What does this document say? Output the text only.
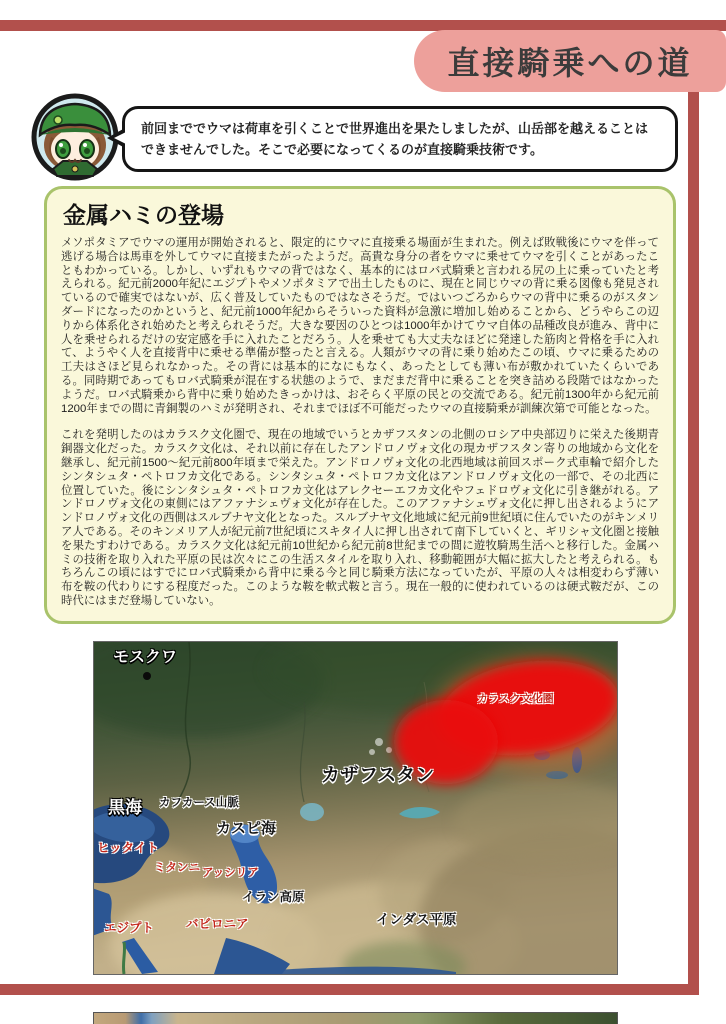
直接騎乗への道
前回まででウマは荷車を引くことで世界進出を果たしましたが、山岳部を越えることはできませんでした。そこで必要になってくるのが直接騎乗技術です。
金属ハミの登場

メソポタミアでウマの運用が開始されると、限定的にウマに直接乗る場面が生まれた。例えば敗戦後にウマを伴って逃げる場合は馬車を外してウマに直接またがったようだ。高貴な身分の者をウマに乗せてウマを引くことがあったこともわかっている。しかし、いずれもウマの背ではなく、基本的にはロバ式騎乗と言われる尻の上に乗っていたと考えられる。紀元前2000年紀にエジプトやメソポタミアで出土したものに、現在と同じウマの背に乗る図像も発見されているので確実ではないが、広く普及していたものではなさそうだ。ではいつごろからウマの背中に乗るのがスタンダードになったのかというと、紀元前1000年紀からそういった資料が急激に増加し始めることから、どうやらこの辺りから体系化され始めたと考えられそうだ。大きな要因のひとつは1000年かけてウマ自体の品種改良が進み、背中に人を乗せられるだけの安定感を手に入れたことだろう。人を乗せても大丈夫なほどに発達した筋肉と骨格を手に入れて、ようやく人を直接背中に乗せる準備が整ったと言える。人類がウマの背に乗り始めたこの頃、ウマに乗るための工夫はさほど見られなかった。その背には基本的になにもなく、あったとしても薄い布が敷かれていたくらいである。同時期であってもロバ式騎乗が混在する状態のようで、まだまだ背中に乗ることを突き詰める段階ではなかったようだ。ロバ式騎乗から背中に乗り始めたきっかけは、おそらく平原の民との交流である。紀元前1300年から紀元前1200年までの間に青銅製のハミが発明され、それまでほぼ不可能だったウマの直接騎乗が訓練次第で可能となった。

これを発明したのはカラスク文化圏で、現在の地域でいうとカザフスタンの北側のロシア中央部辺りに栄えた後期青銅器文化だった。カラスク文化は、それ以前に存在したアンドロノヴォ文化の現カザフスタン寄りの地域から文化を継承し、紀元前1500〜紀元前800年頃まで栄えた。アンドロノヴォ文化の北西地域は前回スポーク式車輪で紹介したシンタシュタ・ペトロフカ文化である。シンタシュタ・ペトロフカ文化はアンドロノヴォ文化の一部で、その北西に位置していた。後にシンタシュタ・ペトロフカ文化はアレクセーエフカ文化やフェドロヴォ文化に引き継がれる。アンドロノヴォ文化の東側にはアファナシェヴォ文化が存在した。このアファナシェヴォ文化に押し出されるようにアンドロノヴォ文化の西側はスルブナヤ文化となった。スルブナヤ文化地域に紀元前9世紀頃に住んでいたのがキンメリア人である。そのキンメリア人が紀元前7世紀頃にスキタイ人に押し出されて南下していくと、ギリシャ文化圏と接触を果たすわけである。カラスク文化は紀元前10世紀から紀元前8世紀までの間に遊牧騎馬生活へと移行した。金属ハミの技術を取り入れた平原の民は次々にこの生活スタイルを取り入れ、移動範囲が大幅に拡大したと考えられる。もちろんこの頃にはすでにロバ式騎乗から背中に乗る今と同じ騎乗方法になっていたが、平原の人々は相変わらず薄い布を鞍の代わりにする程度だった。このような鞍を軟式鞍と言う。現在一般的に使われているのは硬式鞍だが、この時代にはまだ登場していない。

モスクワ
カラスク文化圏
カザフスタン
黒海 カフカース山脈
カスピ海
ヒッタイト
ミタンニ アッシリア
イラン高原
エジプト	バビロニア	インダス平原
